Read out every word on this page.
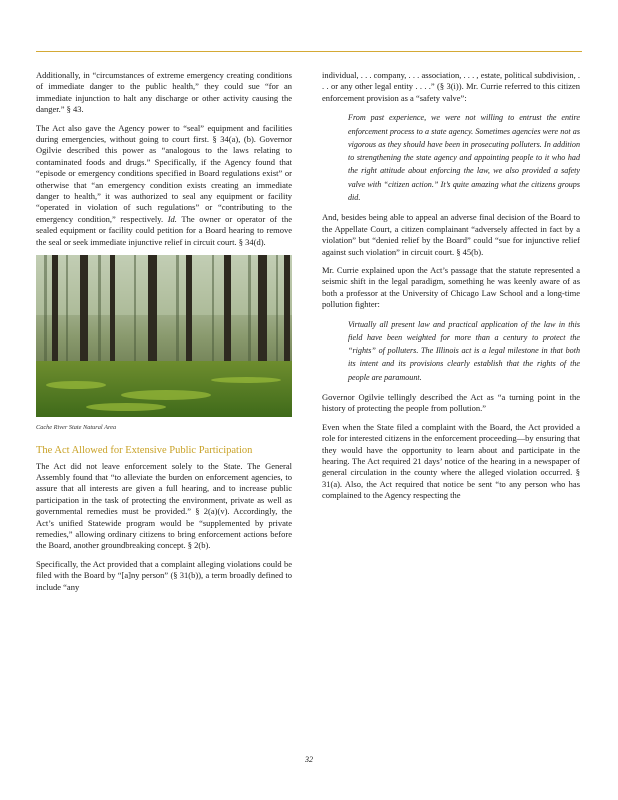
Additionally, in “circumstances of extreme emergency creating conditions of immediate danger to the public health,” they could sue “for an immediate injunction to halt any discharge or other activity causing the danger.” § 43.

The Act also gave the Agency power to “seal” equipment and facilities during emergencies, without going to court first. § 34(a), (b). Governor Ogilvie described this power as “analogous to the laws relating to contaminated foods and drugs.” Specifically, if the Agency found that “episode or emergency conditions specified in Board regulations exist” or otherwise that “an emergency condition exists creating an immediate danger to health,” it was authorized to seal any equipment or facility “operated in violation of such regulations” or “contributing to the emergency condition,” respectively. Id. The owner or operator of the sealed equipment or facility could petition for a Board hearing to remove the seal or seek immediate injunctive relief in circuit court. § 34(d).

Cache River State Natural Area

The Act Allowed for Extensive Public Participation

The Act did not leave enforcement solely to the State. The General Assembly found that “to alleviate the burden on enforcement agencies, to assure that all interests are given a full hearing, and to increase public participation in the task of protecting the environment, private as well as governmental remedies must be provided.” § 2(a)(v). Accordingly, the Act’s unified Statewide program would be “supplemented by private remedies,” allowing ordinary citizens to bring enforcement actions before the Board, another groundbreaking concept. § 2(b).

Specifically, the Act provided that a complaint alleging violations could be filed with the Board by “[a]ny person” (§ 31(b)), a term broadly defined to include “any

individual, . . . company, . . . association, . . . , estate, political subdivision, . . . or any other legal entity . . . .” (§ 3(i)). Mr. Currie referred to this citizen enforcement provision as a “safety valve”:

From past experience, we were not willing to entrust the entire enforcement process to a state agency. Sometimes agencies were not as vigorous as they should have been in prosecuting polluters. In addition to strengthening the state agency and appointing people to it who had the right attitude about enforcing the law, we also provided a safety valve with “citizen action.” It’s quite amazing what the citizens groups did.

And, besides being able to appeal an adverse final decision of the Board to the Appellate Court, a citizen complainant “adversely affected in fact by a violation” but “denied relief by the Board” could “sue for injunctive relief against such violation” in circuit court. § 45(b).

Mr. Currie explained upon the Act’s passage that the statute represented a seismic shift in the legal paradigm, something he was keenly aware of as both a professor at the University of Chicago Law School and a long-time pollution fighter:

Virtually all present law and practical application of the law in this field have been weighted for more than a century to protect the “rights” of polluters. The Illinois act is a legal milestone in that both its intent and its provisions clearly establish that the rights of the people are paramount.

Governor Ogilvie tellingly described the Act as “a turning point in the history of protecting the people from pollution.”

Even when the State filed a complaint with the Board, the Act provided a role for interested citizens in the enforcement proceeding—by ensuring that they would have the opportunity to learn about and participate in the hearing. The Act required 21 days’ notice of the hearing in a newspaper of general circulation in the county where the alleged violation occurred. § 31(a). Also, the Act required that notice be sent “to any person who has complained to the Agency respecting the

32
